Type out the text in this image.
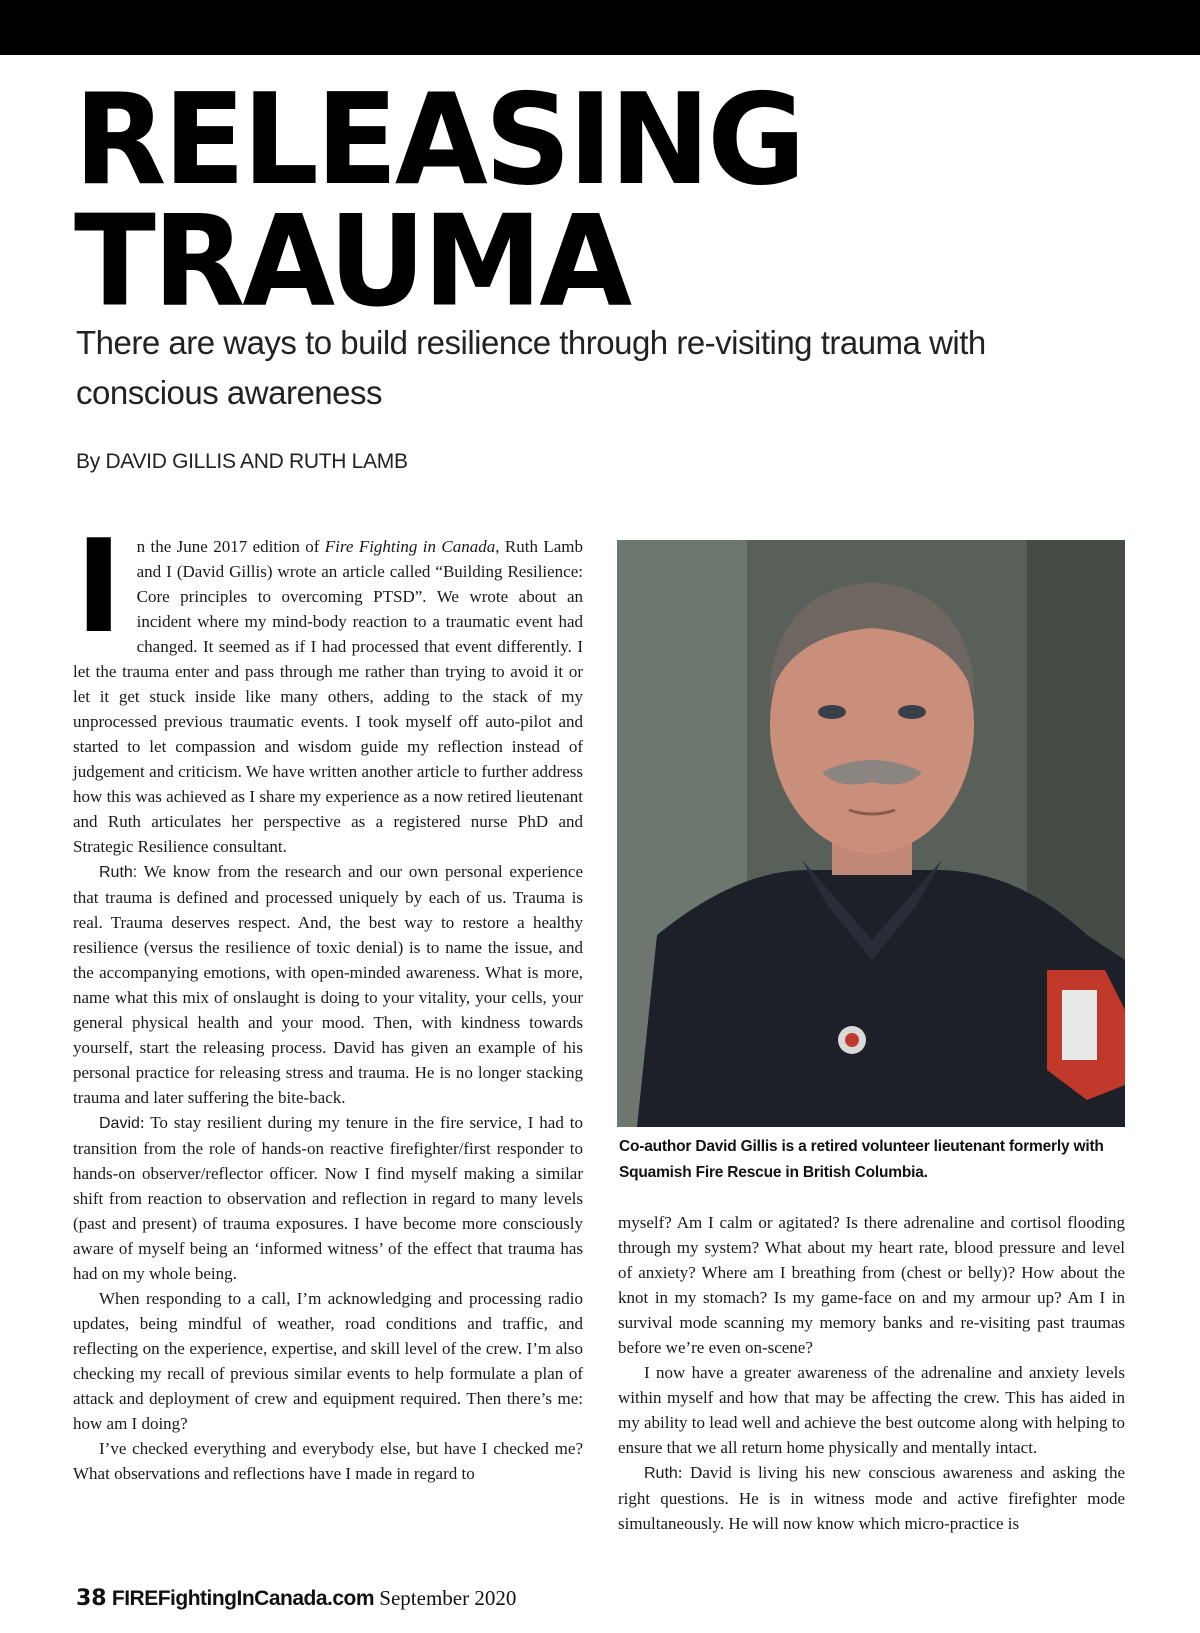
RELEASING
TRAUMA
There are ways to build resilience through re-visiting trauma with conscious awareness
By DAVID GILLIS AND RUTH LAMB

In the June 2017 edition of Fire Fighting in Canada, Ruth Lamb and I (David Gillis) wrote an article called “Building Resilience: Core principles to overcoming PTSD”. We wrote about an incident where my mind-body reaction to a traumatic event had changed. It seemed as if I had processed that event differently. I let the trauma enter and pass through me rather than trying to avoid it or let it get stuck inside like many others, adding to the stack of my unprocessed previous traumatic events. I took myself off auto-pilot and started to let compassion and wisdom guide my reflection instead of judgement and criticism. We have written another article to further address how this was achieved as I share my experience as a now retired lieutenant and Ruth articulates her perspective as a registered nurse PhD and Strategic Resilience consultant.

Ruth: We know from the research and our own personal experience that trauma is defined and processed uniquely by each of us. Trauma is real. Trauma deserves respect. And, the best way to restore a healthy resilience (versus the resilience of toxic denial) is to name the issue, and the accompanying emotions, with open-minded awareness. What is more, name what this mix of onslaught is doing to your vitality, your cells, your general physical health and your mood. Then, with kindness towards yourself, start the releasing process. David has given an example of his personal practice for releasing stress and trauma. He is no longer stacking trauma and later suffering the bite-back.

David: To stay resilient during my tenure in the fire service, I had to transition from the role of hands-on reactive firefighter/first responder to hands-on observer/reflector officer. Now I find myself making a similar shift from reaction to observation and reflection in regard to many levels (past and present) of trauma exposures. I have become more consciously aware of myself being an ‘informed witness’ of the effect that trauma has had on my whole being.

When responding to a call, I’m acknowledging and processing radio updates, being mindful of weather, road conditions and traffic, and reflecting on the experience, expertise, and skill level of the crew. I’m also checking my recall of previous similar events to help formulate a plan of attack and deployment of crew and equipment required. Then there’s me: how am I doing?

I’ve checked everything and everybody else, but have I checked me? What observations and reflections have I made in regard to

Co-author David Gillis is a retired volunteer lieutenant formerly with Squamish Fire Rescue in British Columbia.

myself? Am I calm or agitated? Is there adrenaline and cortisol flooding through my system? What about my heart rate, blood pressure and level of anxiety? Where am I breathing from (chest or belly)? How about the knot in my stomach? Is my game-face on and my armour up? Am I in survival mode scanning my memory banks and re-visiting past traumas before we’re even on-scene?

I now have a greater awareness of the adrenaline and anxiety levels within myself and how that may be affecting the crew. This has aided in my ability to lead well and achieve the best outcome along with helping to ensure that we all return home physically and mentally intact.

Ruth: David is living his new conscious awareness and asking the right questions. He is in witness mode and active firefighter mode simultaneously. He will now know which micro-practice is

38 FIREFightingInCanada.com September 2020
